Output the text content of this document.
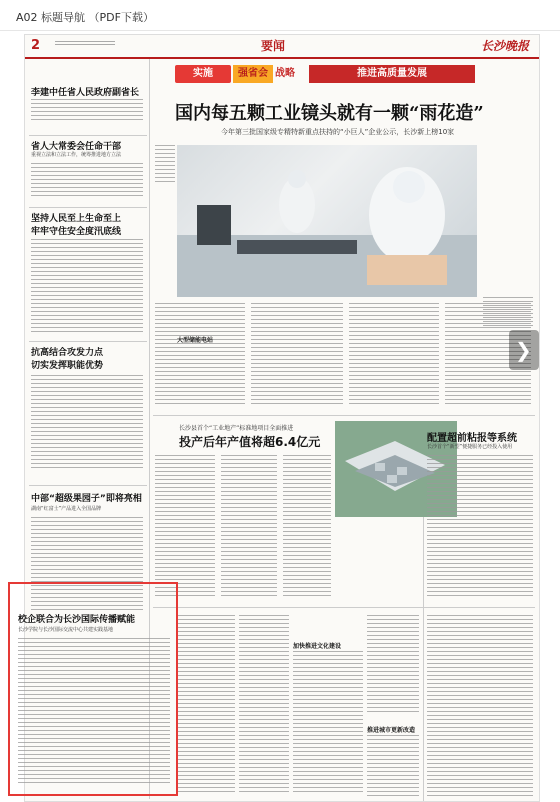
A02 标题导航 （PDF下载）
2	要闻	长沙晚报
实施	强省会 战略	推进高质量发展
国内每五颗工业镜头就有一颗“雨花造”
今年第三批国家级专精特新重点扶持的“小巨人”企业公示，长沙新上榜10家
李建中任省人民政府副省长
省人大常委会任命干部
重视立法和立法工作，统筹推进地方立法
坚持人民至上生命至上
牢牢守住安全度汛底线
抗高结合攻发力点
切实发挥职能优势
中部“超级果园子”即将亮相
湖南“红富士”产品进入全国品牌
大型储能电站
长沙县首个“工业地产”标准地项目全面推进
投产后年产值将超6.4亿元	配置超前粘报等系统
长沙首个“新型”便捷服务已经投入使用
加快推进文化建设
推进城市更新改造
校企联合为长沙国际传播赋能
长沙学院与长沙国际交流中心共建实践基地
❯
